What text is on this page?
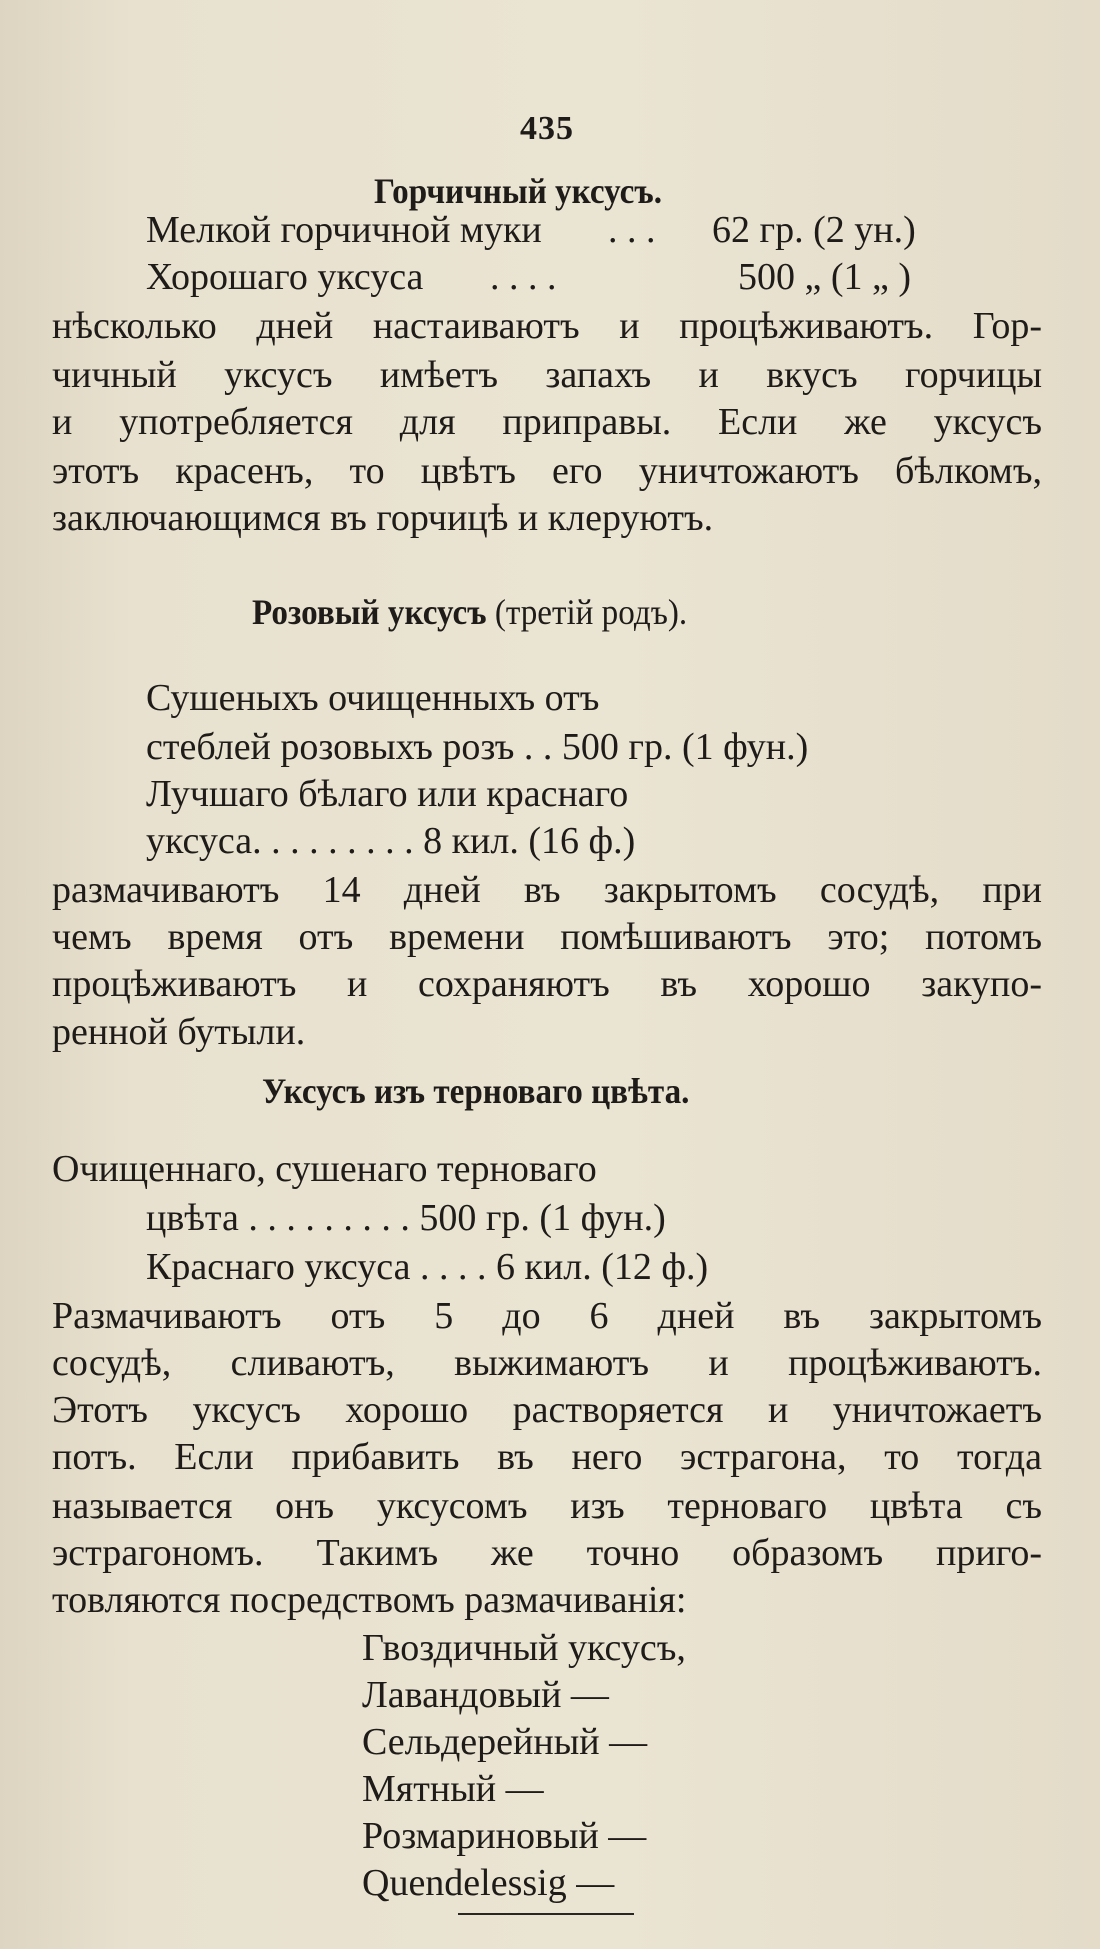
435
Горчичный уксусъ.
Мелкой горчичной муки . . . 62 гр. (2 ун.)
Хорошаго уксуса . . . .	500 „ (1 „ )
нѣсколько дней настаиваютъ и процѣживаютъ. Гор-
чичный уксусъ имѣетъ запахъ и вкусъ горчицы
и употребляется для приправы. Если же уксусъ
этотъ красенъ, то цвѣтъ его уничтожаютъ бѣлкомъ,
заключающимся въ горчицѣ и клеруютъ.
Розовый уксусъ (третій родъ).
Сушеныхъ очищенныхъ отъ
стеблей розовыхъ розъ . . 500 гр. (1 фун.)
Лучшаго бѣлаго или краснаго
уксуса. . . . . . . . . 8 кил. (16 ф.)
размачиваютъ 14 дней въ закрытомъ сосудѣ, при
чемъ время отъ времени помѣшиваютъ это; потомъ
процѣживаютъ и сохраняютъ въ хорошо закупо-
ренной бутыли.
Уксусъ изъ терноваго цвѣта.
Очищеннаго, сушенаго терноваго
цвѣта . . . . . . . . . 500 гр. (1 фун.)
Краснаго уксуса . . . . 6 кил. (12 ф.)
Размачиваютъ отъ 5 до 6 дней въ закрытомъ
сосудѣ, сливаютъ, выжимаютъ и процѣживаютъ.
Этотъ уксусъ хорошо растворяется и уничтожаетъ
потъ. Если прибавить въ него эстрагона, то тогда
называется онъ уксусомъ изъ терноваго цвѣта съ
эстрагономъ. Такимъ же точно образомъ приго-
товляются посредствомъ размачиванія:
Гвоздичный уксусъ,
Лавандовый —
Сельдерейный —
Мятный —
Розмариновый —
Quendelessig —
